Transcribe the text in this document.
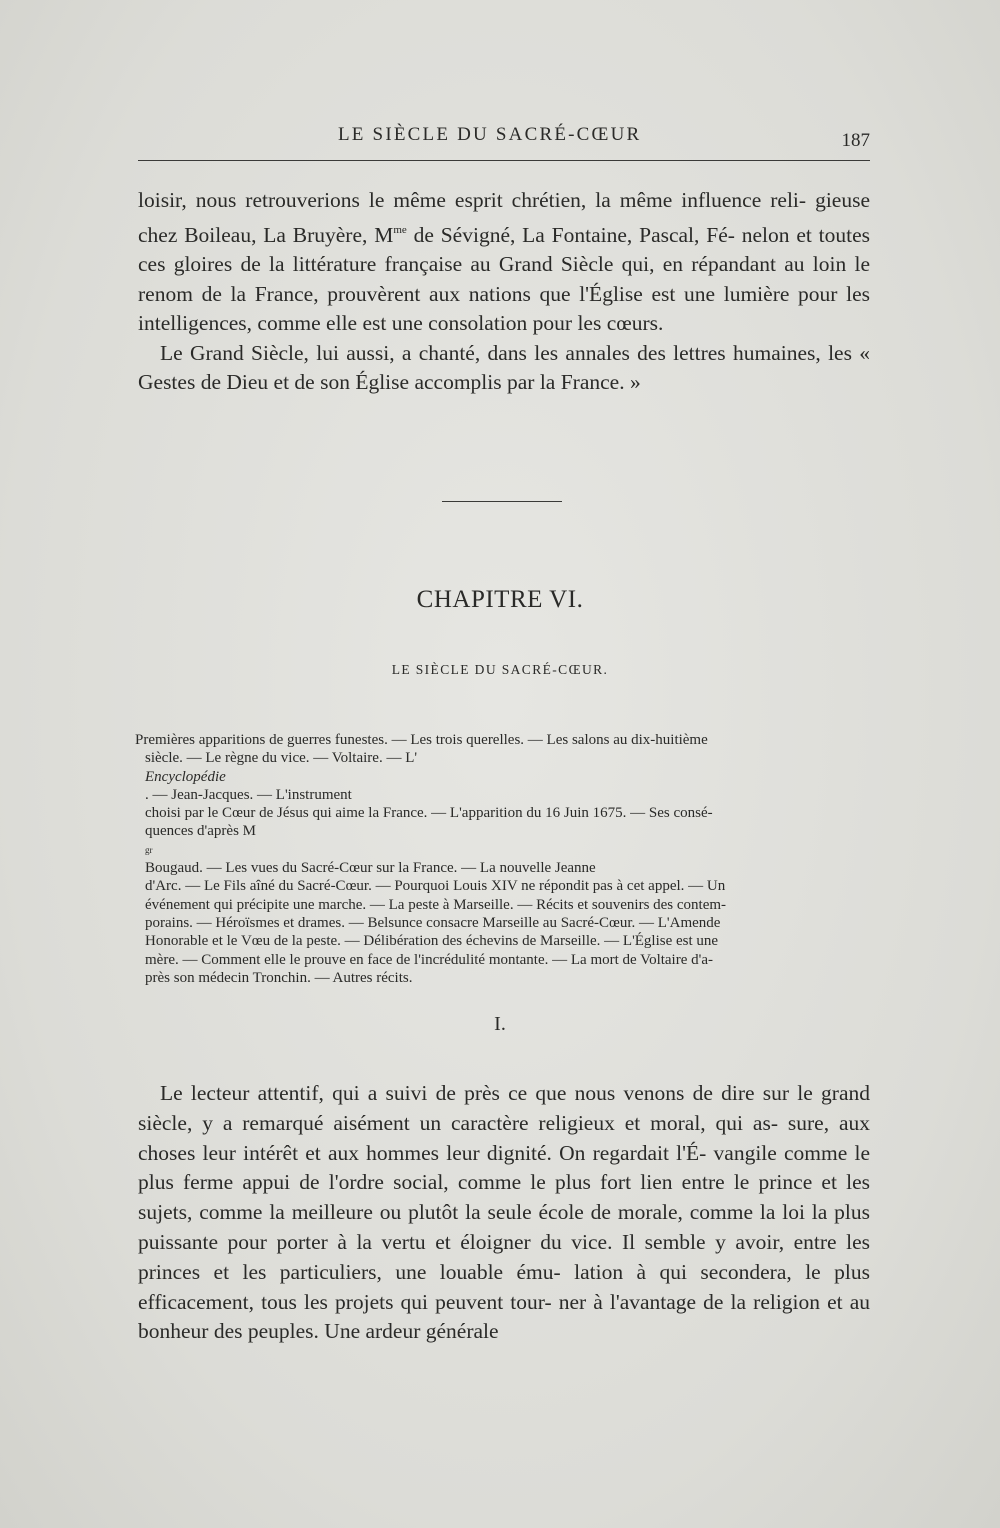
LE SIÈCLE DU SACRÉ-CŒUR	187

loisir, nous retrouverions le même esprit chrétien, la même influence reli- gieuse chez Boileau, La Bruyère, $M^{me}$ de Sévigné, La Fontaine, Pascal, Fé- nelon et toutes ces gloires de la littérature française au Grand Siècle qui, en répandant au loin le renom de la France, prouvèrent aux nations que l'Église est une lumière pour les intelligences, comme elle est une consolation pour les cœurs.

Le Grand Siècle, lui aussi, a chanté, dans les annales des lettres humaines, les « Gestes de Dieu et de son Église accomplis par la France. »

CHAPITRE VI.
LE SIÈCLE DU SACRÉ-CŒUR.
Premières apparitions de guerres funestes. — Les trois querelles. — Les salons au dix-huitième
siècle. — Le règne du vice. — Voltaire. — L'
Encyclopédie
. — Jean-Jacques. — L'instrument
choisi par le Cœur de Jésus qui aime la France. — L'apparition du 16 Juin 1675. — Ses consé-
quences d'après M
gr
Bougaud. — Les vues du Sacré-Cœur sur la France. — La nouvelle Jeanne
d'Arc. — Le Fils aîné du Sacré-Cœur. — Pourquoi Louis XIV ne répondit pas à cet appel. — Un
événement qui précipite une marche. — La peste à Marseille. — Récits et souvenirs des contem-
porains. — Héroïsmes et drames. — Belsunce consacre Marseille au Sacré-Cœur. — L'Amende
Honorable et le Vœu de la peste. — Délibération des échevins de Marseille. — L'Église est une
mère. — Comment elle le prouve en face de l'incrédulité montante. — La mort de Voltaire d'a-
près son médecin Tronchin. — Autres récits.
I.

Le lecteur attentif, qui a suivi de près ce que nous venons de dire sur le grand siècle, y a remarqué aisément un caractère religieux et moral, qui as- sure, aux choses leur intérêt et aux hommes leur dignité. On regardait l'É- vangile comme le plus ferme appui de l'ordre social, comme le plus fort lien entre le prince et les sujets, comme la meilleure ou plutôt la seule école de morale, comme la loi la plus puissante pour porter à la vertu et éloigner du vice. Il semble y avoir, entre les princes et les particuliers, une louable ému- lation à qui secondera, le plus efficacement, tous les projets qui peuvent tour- ner à l'avantage de la religion et au bonheur des peuples. Une ardeur générale
